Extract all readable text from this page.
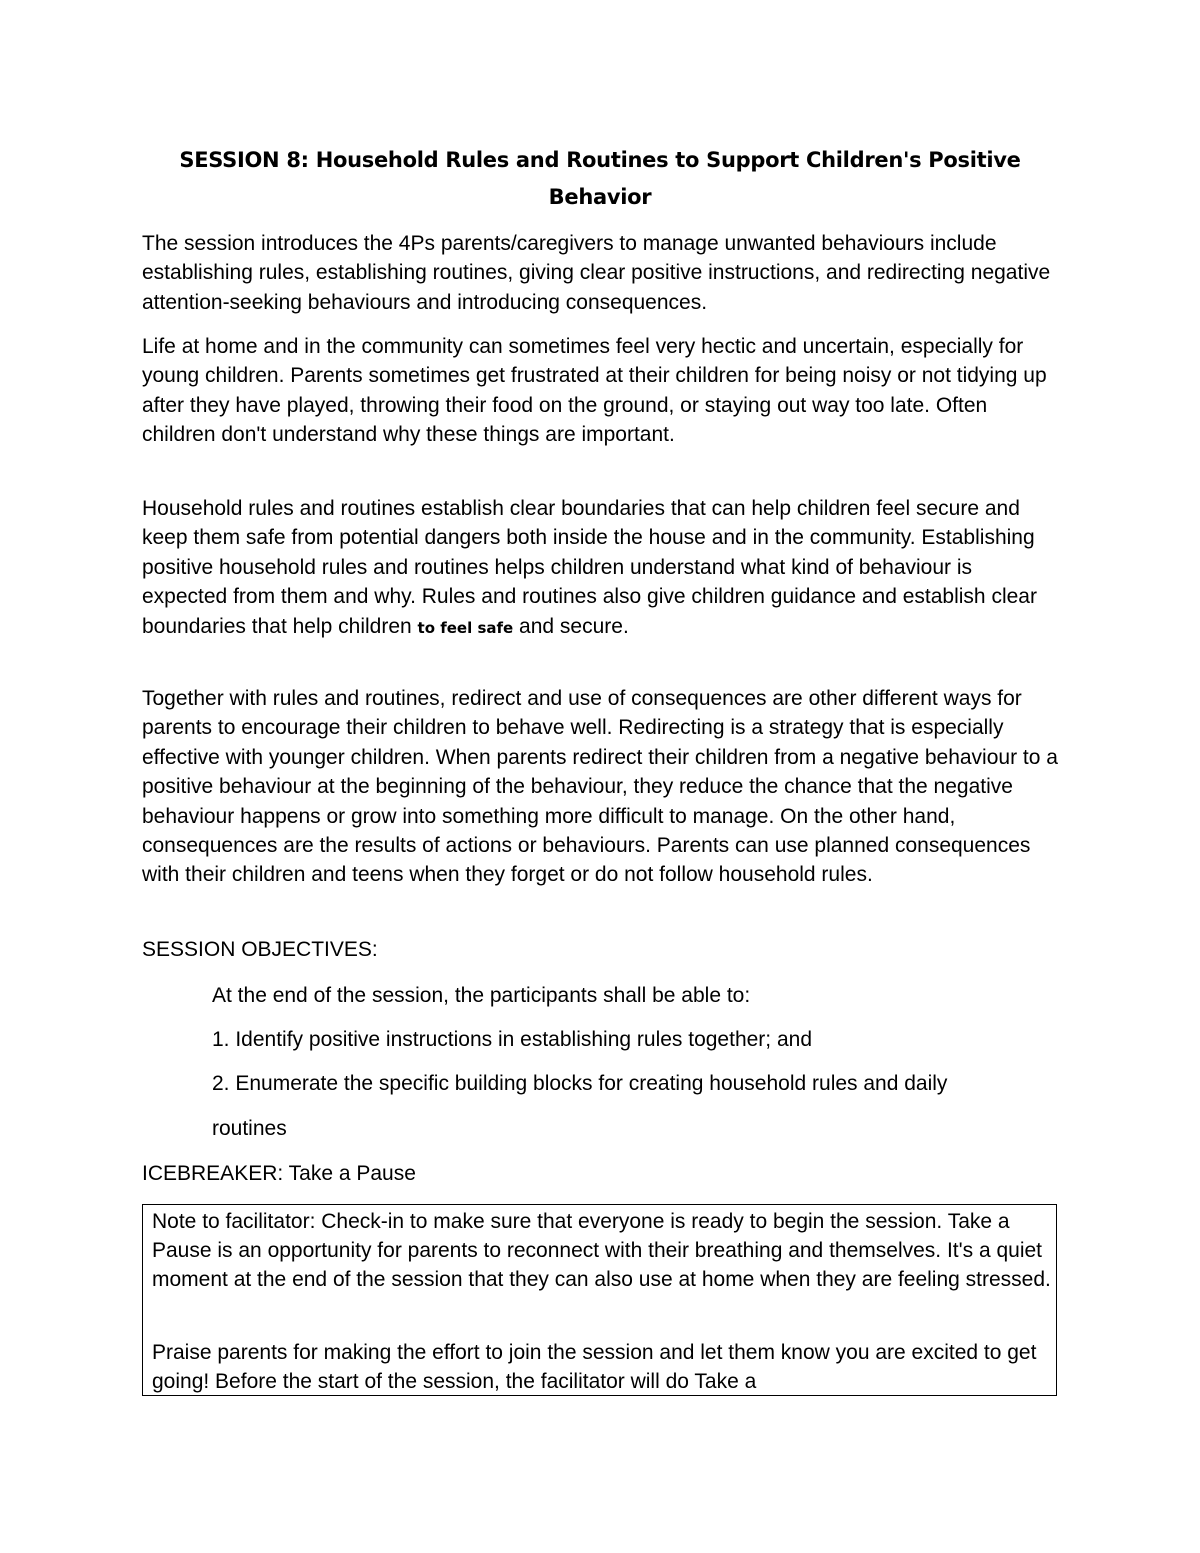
SESSION 8: Household Rules and Routines to Support Children's Positive Behavior

The session introduces the 4Ps parents/caregivers to manage unwanted behaviours include establishing rules, establishing routines, giving clear positive instructions, and redirecting negative attention-seeking behaviours and introducing consequences.

Life at home and in the community can sometimes feel very hectic and uncertain, especially for young children. Parents sometimes get frustrated at their children for being noisy or not tidying up after they have played, throwing their food on the ground, or staying out way too late. Often children don't understand why these things are important.

Household rules and routines establish clear boundaries that can help children feel secure and keep them safe from potential dangers both inside the house and in the community. Establishing positive household rules and routines helps children understand what kind of behaviour is expected from them and why. Rules and routines also give children guidance and establish clear boundaries that help children to feel safe and secure.

Together with rules and routines, redirect and use of consequences are other different ways for parents to encourage their children to behave well. Redirecting is a strategy that is especially effective with younger children. When parents redirect their children from a negative behaviour to a positive behaviour at the beginning of the behaviour, they reduce the chance that the negative behaviour happens or grow into something more difficult to manage. On the other hand, consequences are the results of actions or behaviours. Parents can use planned consequences with their children and teens when they forget or do not follow household rules.

SESSION OBJECTIVES:

At the end of the session, the participants shall be able to:

1. Identify positive instructions in establishing rules together; and

2. Enumerate the specific building blocks for creating household rules and daily

routines

ICEBREAKER: Take a Pause

Note to facilitator: Check-in to make sure that everyone is ready to begin the session. Take a Pause is an opportunity for parents to reconnect with their breathing and themselves. It's a quiet moment at the end of the session that they can also use at home when they are feeling stressed.

Praise parents for making the effort to join the session and let them know you are excited to get going! Before the start of the session, the facilitator will do Take a
